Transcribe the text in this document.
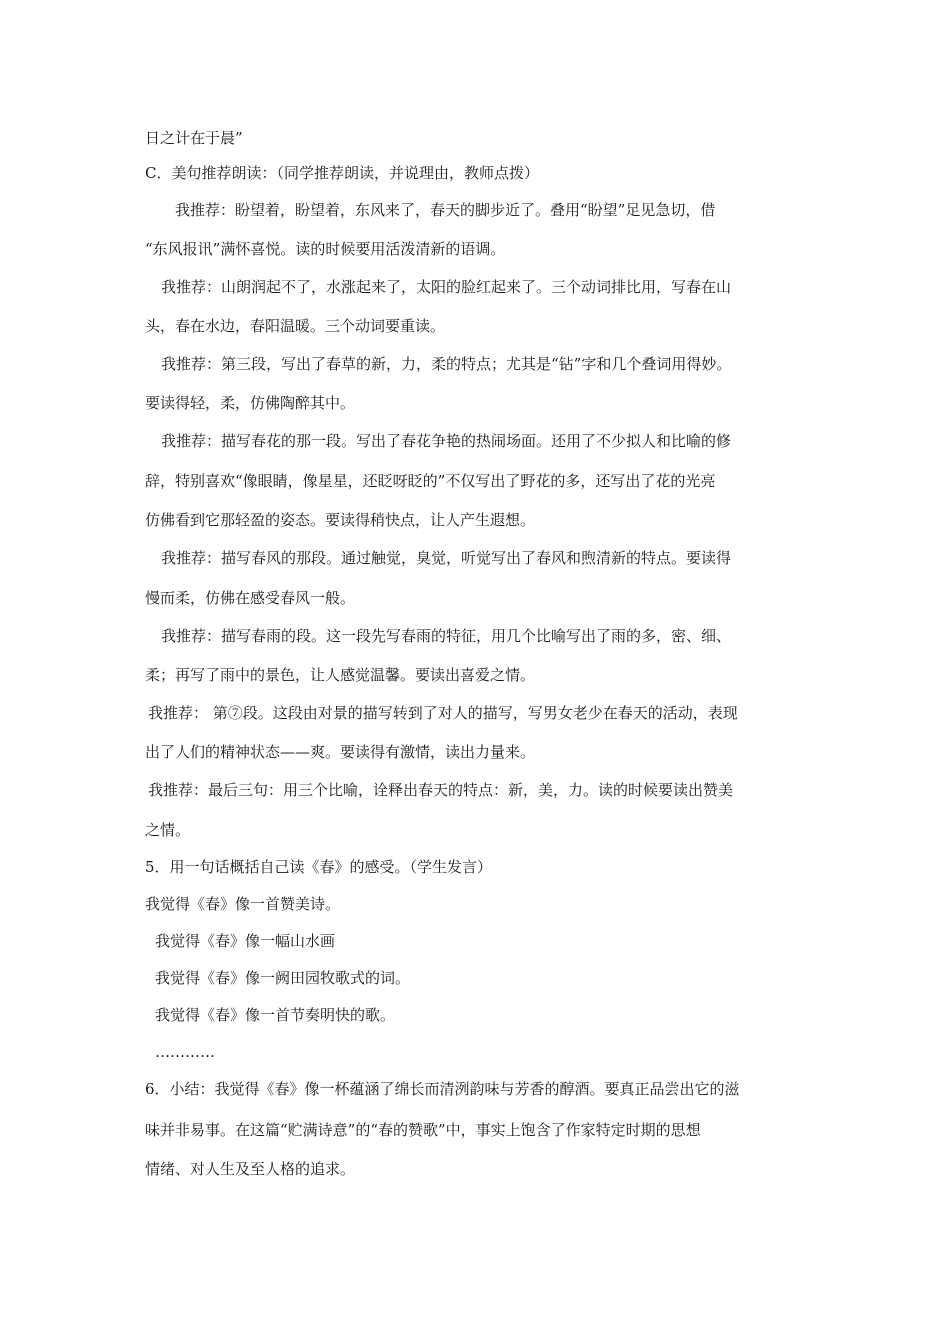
日之计在于晨”
C．美句推荐朗读：（同学推荐朗读，并说理由，教师点拨）
我推荐：盼望着，盼望着，东风来了，春天的脚步近了。叠用“盼望”足见急切，借
“东风报讯”满怀喜悦。读的时候要用活泼清新的语调。
我推荐：山朗润起不了，水涨起来了，太阳的脸红起来了。三个动词排比用，写春在山
头，春在水边，春阳温暖。三个动词要重读。
我推荐：第三段，写出了春草的新，力，柔的特点；尤其是“钻”字和几个叠词用得妙。
要读得轻，柔，仿佛陶醉其中。
我推荐：描写春花的那一段。写出了春花争艳的热闹场面。还用了不少拟人和比喻的修
辞，特别喜欢“像眼睛，像星星，还眨呀眨的”不仅写出了野花的多，还写出了花的光亮
仿佛看到它那轻盈的姿态。要读得稍快点，让人产生遐想。
我推荐：描写春风的那段。通过触觉，臭觉，听觉写出了春风和煦清新的特点。要读得
慢而柔，仿佛在感受春风一般。
我推荐：描写春雨的段。这一段先写春雨的特征，用几个比喻写出了雨的多，密、细、
柔；再写了雨中的景色，让人感觉温馨。要读出喜爱之情。
我推荐： 第⑦段。这段由对景的描写转到了对人的描写，写男女老少在春天的活动，表现
出了人们的精神状态——爽。要读得有激情，读出力量来。
我推荐：最后三句：用三个比喻，诠释出春天的特点：新，美，力。读的时候要读出赞美
之情。
5．用一句话概括自己读《春》的感受。（学生发言）
我觉得《春》像一首赞美诗。
我觉得《春》像一幅山水画
我觉得《春》像一阙田园牧歌式的词。
我觉得《春》像一首节奏明快的歌。
…………
6．小结：我觉得《春》像一杯蕴涵了绵长而清洌韵味与芳香的醇酒。要真正品尝出它的滋
味并非易事。在这篇“贮满诗意”的“春的赞歌”中，事实上饱含了作家特定时期的思想
情绪、对人生及至人格的追求。
